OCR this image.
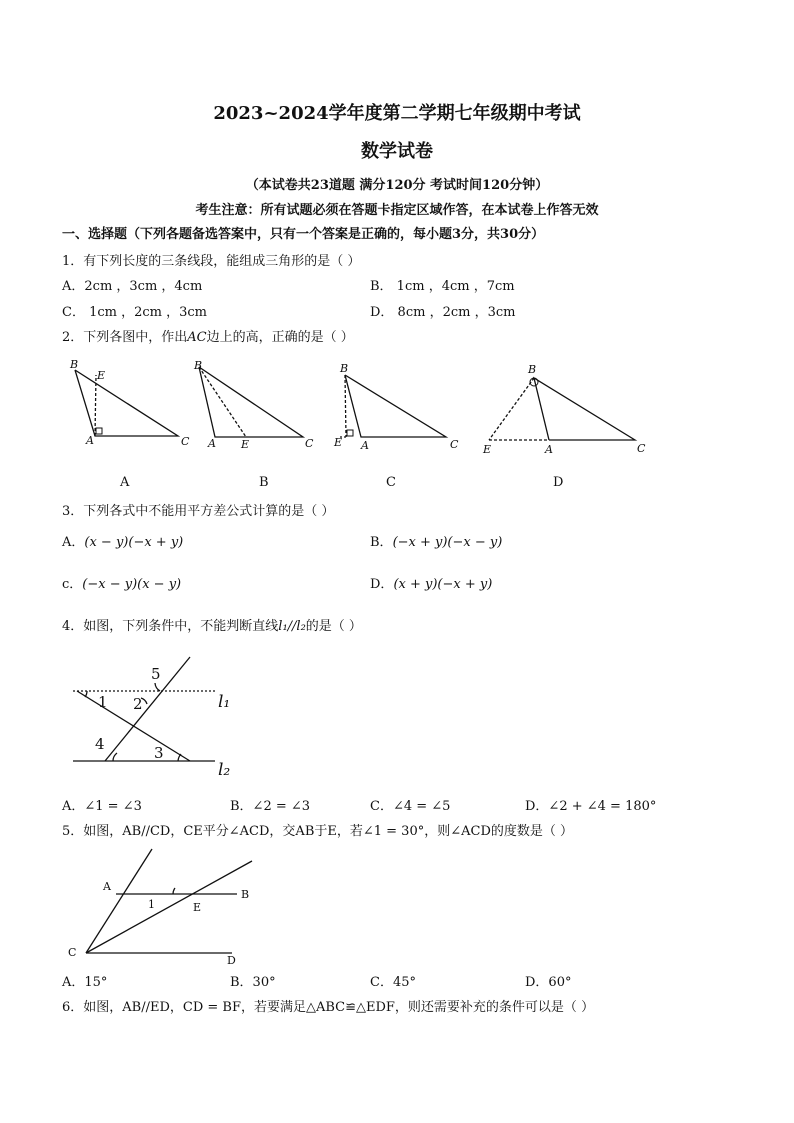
2023~2024学年度第二学期七年级期中考试
数学试卷
（本试卷共23道题 满分120分 考试时间120分钟）
考生注意：所有试题必须在答题卡指定区域作答，在本试卷上作答无效
一、选择题（下列各题备选答案中，只有一个答案是正确的，每小题3分，共30分）
1．有下列长度的三条线段，能组成三角形的是（ ）
A．2cm ，3cm ，4cm	B． 1cm ，4cm ，7cm
C． 1cm ，2cm ，3cm	D． 8cm ，2cm ，3cm
2．下列各图中，作出AC边上的高，正确的是（ ）
B
E
A	C
B
A E	C
B
E A	C
B
E	A	C
A	B	C	D
3．下列各式中不能用平方差公式计算的是（ ）
A．(x − y)(−x + y)	B．(−x + y)(−x − y)
c．(−x − y)(x − y)	D．(x + y)(−x + y)
4．如图，下列条件中，不能判断直线l₁//l₂的是（ ）
1 2
3
4
5
l₁
l₂
A．∠1 = ∠3	B．∠2 = ∠3	C．∠4 = ∠5	D．∠2 + ∠4 = 180°
5．如图，AB//CD，CE平分∠ACD，交AB于E，若∠1 = 30°，则∠ACD的度数是（ ）
A
B
C
D
E
1
A．15°	B．30°	C．45°	D．60°
6．如图，AB//ED，CD = BF，若要满足△ABC≌△EDF，则还需要补充的条件可以是（ ）
